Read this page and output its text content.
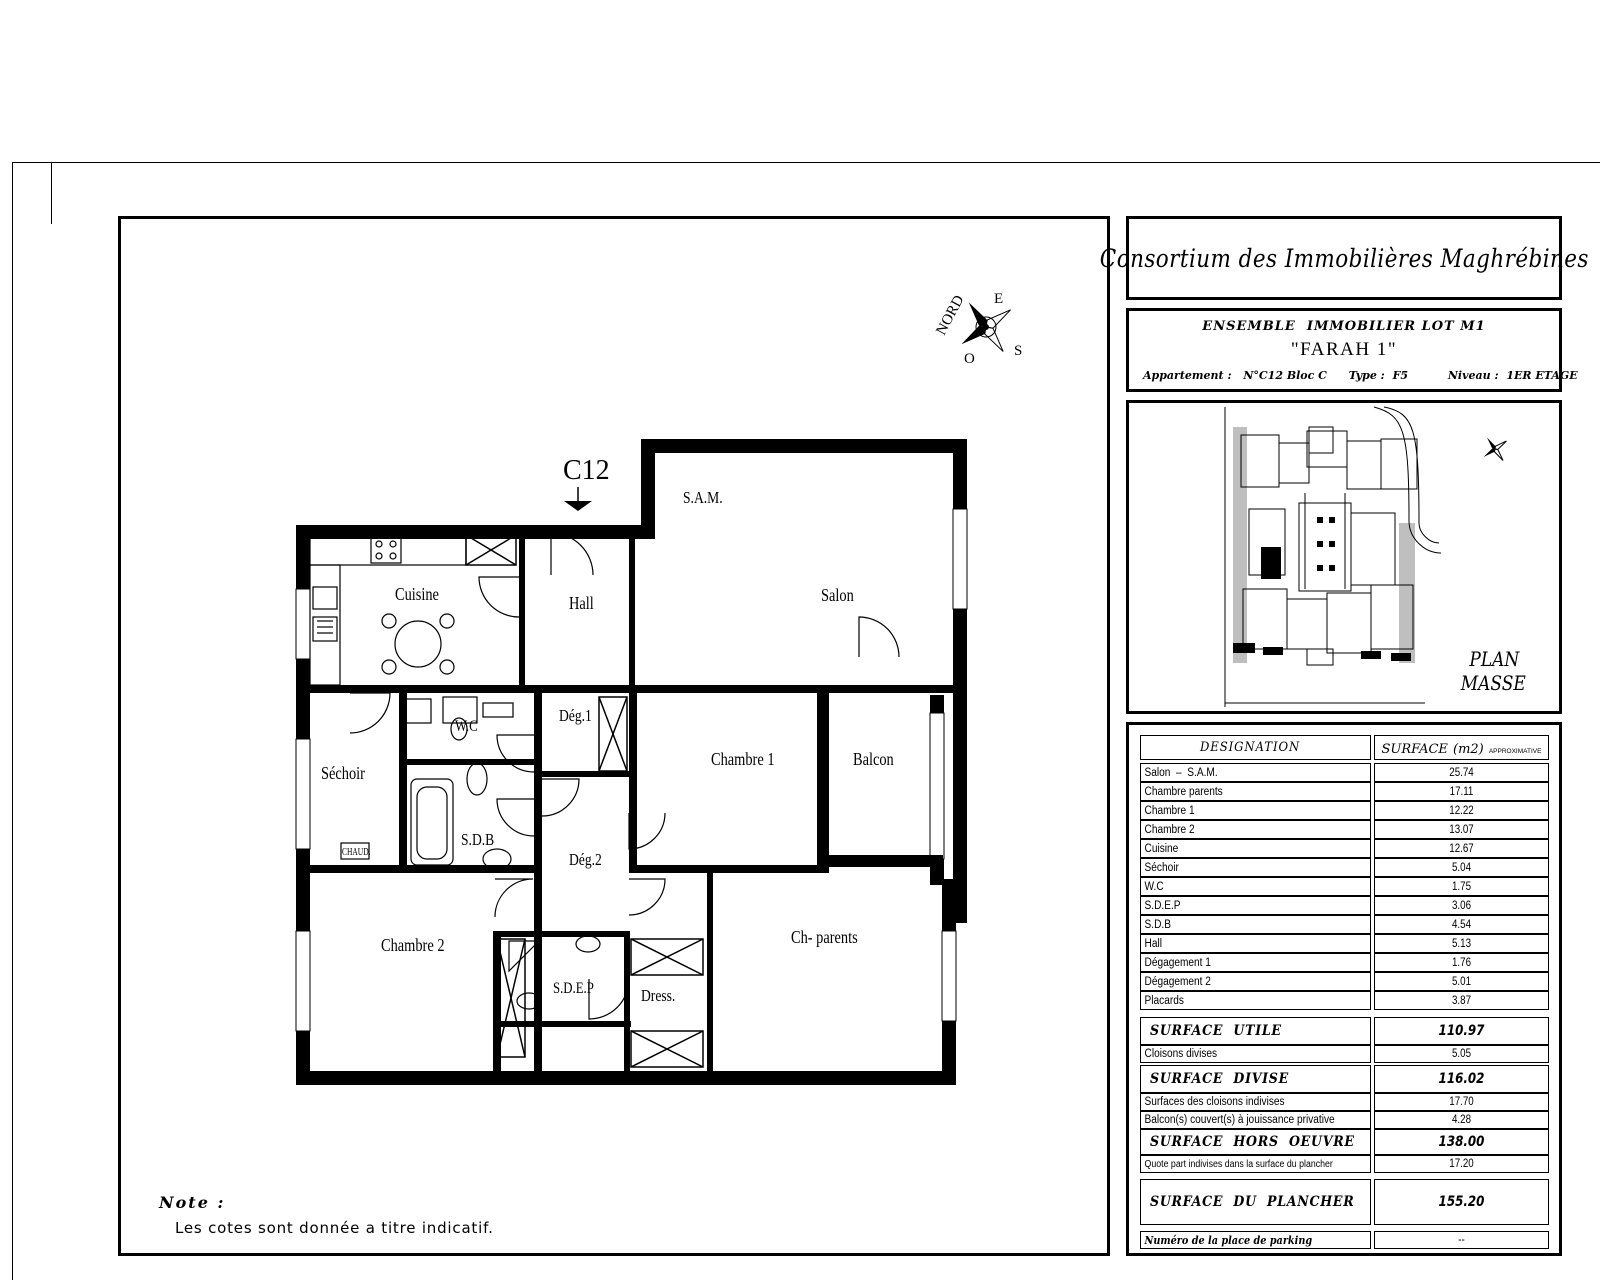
NORD E
S
O
C12
S.A.M.
Salon
Cuisine	Hall
Dég.1
W.C
Séchoir
S.D.B
Dég.2
Chambre 1	Balcon
Chambre 2
S.D.E.P	Dress.
Ch- parents
CHAUD.
Note :
Les cotes sont donnée a titre indicatif.
Consortium des Immobilières Maghrébines
ENSEMBLE  IMMOBILIER LOT M1
"FARAH 1"
Appartement : N°C12 Bloc C Type : F5	Niveau : 1ER ETAGE
PLAN
MASSE
DESIGNATION	SURFACE (m2) APPROXIMATIVE
Salon  –  S.A.M.	25.74
Chambre parents	17.11
Chambre 1	12.22
Chambre 2	13.07
Cuisine	12.67
Séchoir	5.04
W.C	1.75
S.D.E.P	3.06
S.D.B	4.54
Hall	5.13
Dégagement 1	1.76
Dégagement 2	5.01
Placards	3.87
SURFACE  UTILE	110.97
Cloisons divises	5.05
SURFACE  DIVISE	116.02
Surfaces des cloisons indivises	17.70
Balcon(s) couvert(s) à jouissance privative	4.28
SURFACE  HORS  OEUVRE	138.00
Quote part indivises dans la surface du plancher	17.20
SURFACE  DU  PLANCHER	155.20
Numéro de la place de parking	--
